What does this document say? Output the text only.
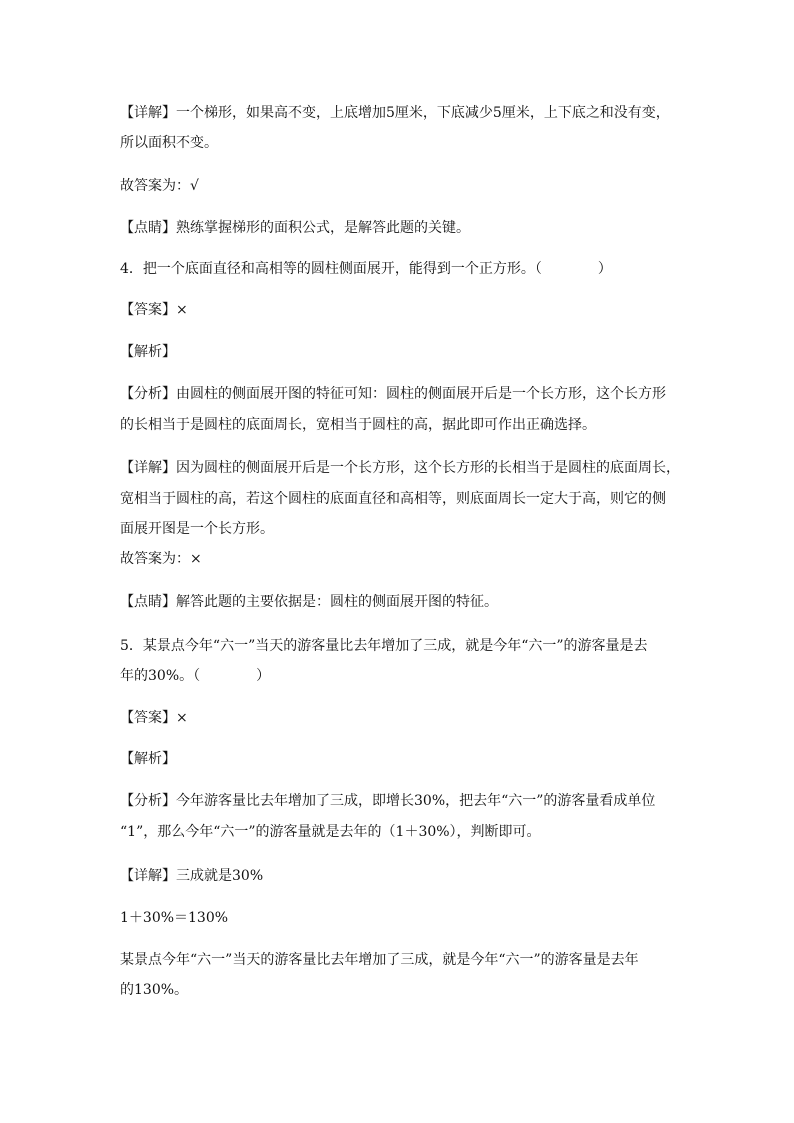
【详解】一个梯形，如果高不变，上底增加5厘米，下底减少5厘米，上下底之和没有变，
所以面积不变。
故答案为：√
【点睛】熟练掌握梯形的面积公式，是解答此题的关键。
4．把一个底面直径和高相等的圆柱侧面展开，能得到一个正方形。（　　　　）
【答案】×
【解析】
【分析】由圆柱的侧面展开图的特征可知：圆柱的侧面展开后是一个长方形，这个长方形
的长相当于是圆柱的底面周长，宽相当于圆柱的高，据此即可作出正确选择。
【详解】因为圆柱的侧面展开后是一个长方形，这个长方形的长相当于是圆柱的底面周长，
宽相当于圆柱的高，若这个圆柱的底面直径和高相等，则底面周长一定大于高，则它的侧
面展开图是一个长方形。
故答案为：×
【点睛】解答此题的主要依据是：圆柱的侧面展开图的特征。
5．某景点今年“六一”当天的游客量比去年增加了三成，就是今年“六一”的游客量是去
年的30%。（　　　　）
【答案】×
【解析】
【分析】今年游客量比去年增加了三成，即增长30%，把去年“六一”的游客量看成单位
“1”，那么今年“六一”的游客量就是去年的（1＋30%），判断即可。
【详解】三成就是30%
1＋30%＝130%
某景点今年“六一”当天的游客量比去年增加了三成，就是今年“六一”的游客量是去年
的130%。
